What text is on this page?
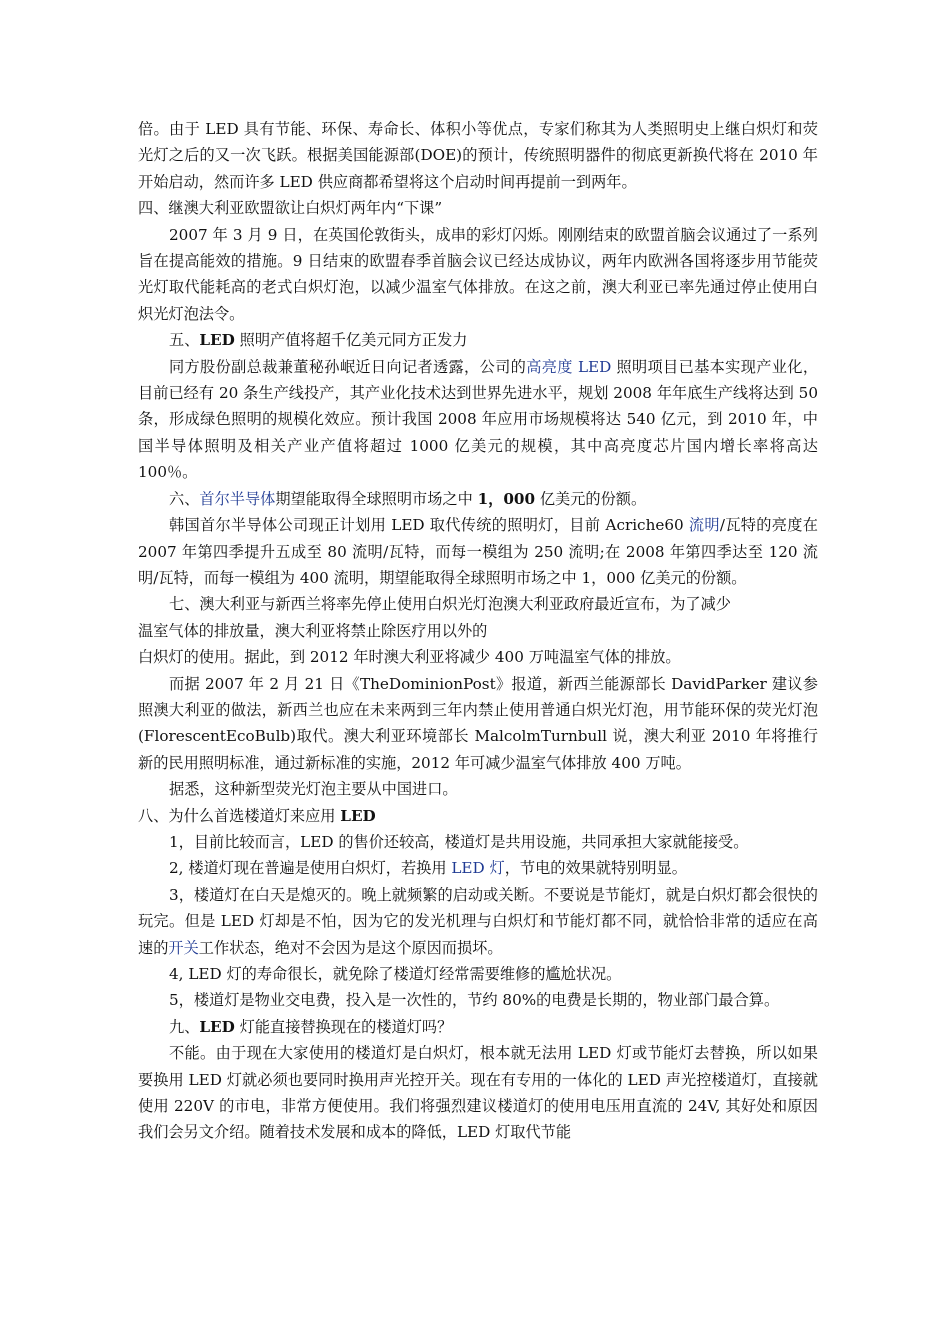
倍。由于 LED 具有节能、环保、寿命长、体积小等优点，专家们称其为人类照明史上继白炽灯和荧光灯之后的又一次飞跃。根据美国能源部(DOE)的预计，传统照明器件的彻底更新换代将在 2010 年开始启动，然而许多 LED 供应商都希望将这个启动时间再提前一到两年。

四、继澳大利亚欧盟欲让白炽灯两年内“下课”

2007 年 3 月 9 日，在英国伦敦街头，成串的彩灯闪烁。刚刚结束的欧盟首脑会议通过了一系列旨在提高能效的措施。9 日结束的欧盟春季首脑会议已经达成协议，两年内欧洲各国将逐步用节能荧光灯取代能耗高的老式白炽灯泡，以减少温室气体排放。在这之前，澳大利亚已率先通过停止使用白炽光灯泡法令。

五、LED 照明产值将超千亿美元同方正发力

同方股份副总裁兼董秘孙岷近日向记者透露，公司的高亮度 LED 照明项目已基本实现产业化，目前已经有 20 条生产线投产，其产业化技术达到世界先进水平，规划 2008 年年底生产线将达到 50 条，形成绿色照明的规模化效应。预计我国 2008 年应用市场规模将达 540 亿元，到 2010 年，中国半导体照明及相关产业产值将超过 1000 亿美元的规模，其中高亮度芯片国内增长率将高达 100％。

六、首尔半导体期望能取得全球照明市场之中 1，000 亿美元的份额。

韩国首尔半导体公司现正计划用 LED 取代传统的照明灯，目前 Acriche60 流明/瓦特的亮度在 2007 年第四季提升五成至 80 流明/瓦特，而每一模组为 250 流明;在 2008 年第四季达至 120 流明/瓦特，而每一模组为 400 流明，期望能取得全球照明市场之中 1，000 亿美元的份额。

七、澳大利亚与新西兰将率先停止使用白炽光灯泡澳大利亚政府最近宣布，为了减少

温室气体的排放量，澳大利亚将禁止除医疗用以外的

白炽灯的使用。据此，到 2012 年时澳大利亚将减少 400 万吨温室气体的排放。

而据 2007 年 2 月 21 日《TheDominionPost》报道，新西兰能源部长 DavidParker 建议参照澳大利亚的做法，新西兰也应在未来两到三年内禁止使用普通白炽光灯泡，用节能环保的荧光灯泡(FlorescentEcoBulb)取代。澳大利亚环境部长 MalcolmTurnbull 说，澳大利亚 2010 年将推行新的民用照明标准，通过新标准的实施，2012 年可减少温室气体排放 400 万吨。

据悉，这种新型荧光灯泡主要从中国进口。

八、为什么首选楼道灯来应用 LED

1，目前比较而言，LED 的售价还较高，楼道灯是共用设施，共同承担大家就能接受。

2, 楼道灯现在普遍是使用白炽灯，若换用 LED 灯，节电的效果就特别明显。

3，楼道灯在白天是熄灭的。晚上就频繁的启动或关断。不要说是节能灯，就是白炽灯都会很快的玩完。但是 LED 灯却是不怕，因为它的发光机理与白炽灯和节能灯都不同，就恰恰非常的适应在高速的开关工作状态，绝对不会因为是这个原因而损坏。

4, LED 灯的寿命很长，就免除了楼道灯经常需要维修的尴尬状况。

5，楼道灯是物业交电费，投入是一次性的，节约 80%的电费是长期的，物业部门最合算。

九、LED 灯能直接替换现在的楼道灯吗？

不能。由于现在大家使用的楼道灯是白炽灯，根本就无法用 LED 灯或节能灯去替换，所以如果要换用 LED 灯就必须也要同时换用声光控开关。现在有专用的一体化的 LED 声光控楼道灯，直接就使用 220V 的市电，非常方便使用。我们将强烈建议楼道灯的使用电压用直流的 24V, 其好处和原因我们会另文介绍。随着技术发展和成本的降低，LED 灯取代节能
